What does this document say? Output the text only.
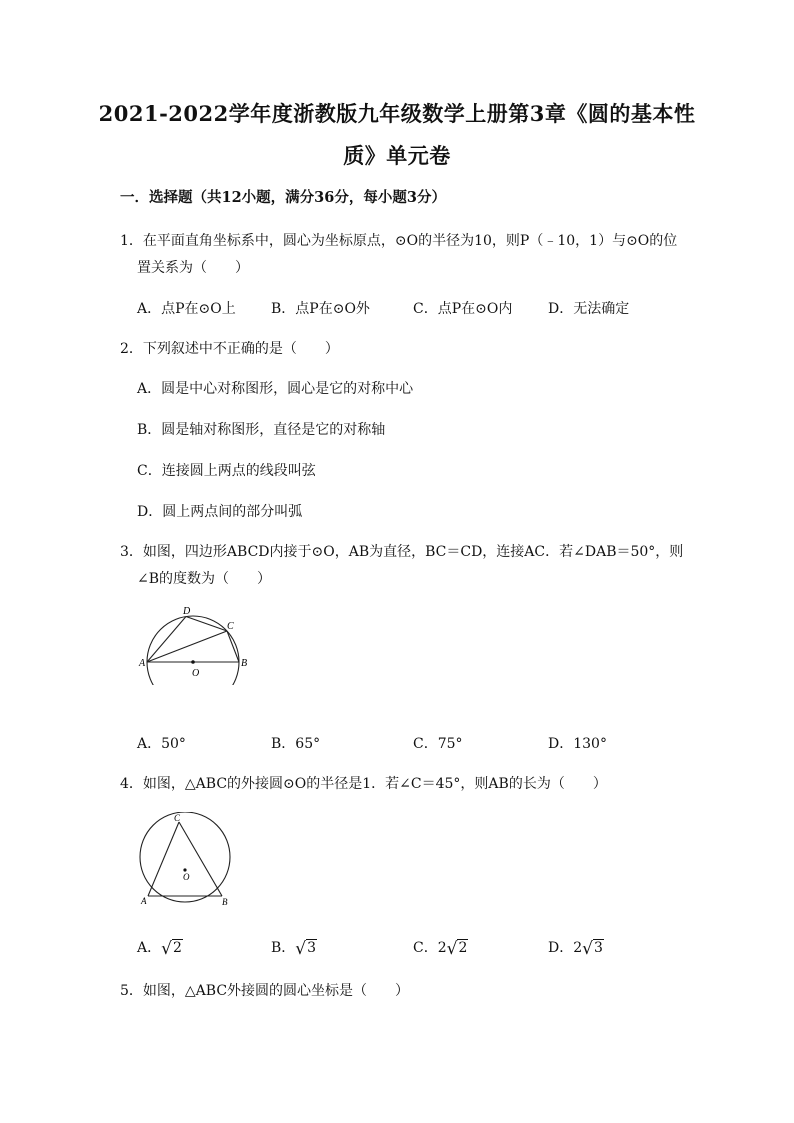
2021-2022学年度浙教版九年级数学上册第3章《圆的基本性
质》单元卷
一．选择题（共12小题，满分36分，每小题3分）
1．在平面直角坐标系中，圆心为坐标原点，⊙O的半径为10，则P（﹣10，1）与⊙O的位
置关系为（　　）
A．点P在⊙O上	B．点P在⊙O外	C．点P在⊙O内	D．无法确定
2．下列叙述中不正确的是（　　）
A．圆是中心对称图形，圆心是它的对称中心
B．圆是轴对称图形，直径是它的对称轴
C．连接圆上两点的线段叫弦
D．圆上两点间的部分叫弧
3．如图，四边形ABCD内接于⊙O，AB为直径，BC＝CD，连接AC．若∠DAB＝50°，则
∠B的度数为（　　）
A	B
C
D
O
A．50°	B．65°	C．75°	D．130°
4．如图，△ABC的外接圆⊙O的半径是1．若∠C＝45°，则AB的长为（　　）
A	B
C
O
A．√2	B．√3	C．2√2	D．2√3
5．如图，△ABC外接圆的圆心坐标是（　　）
